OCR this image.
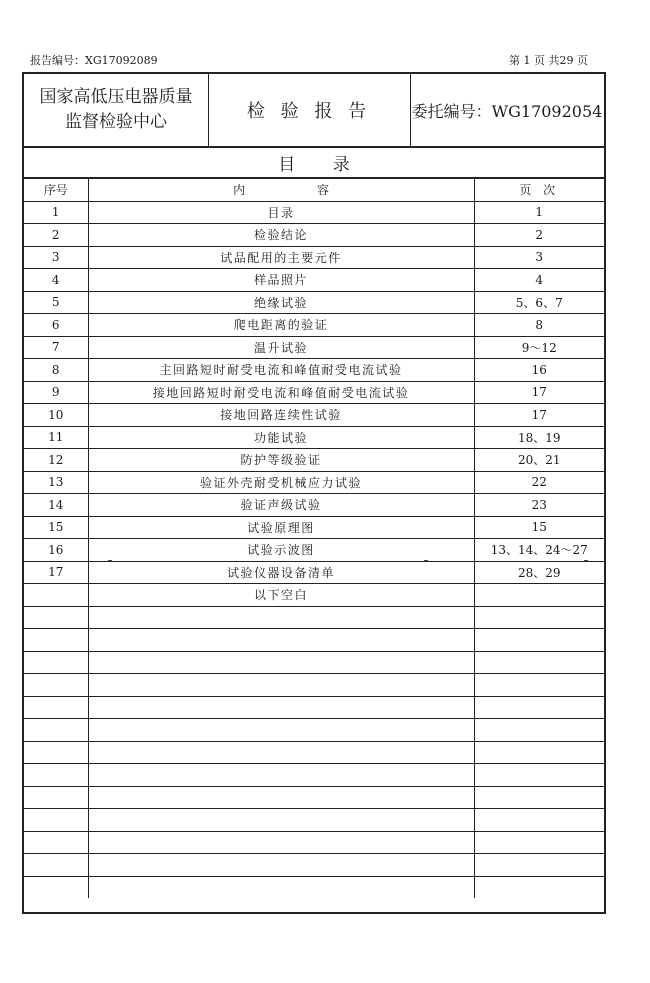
报告编号：XG17092089	第 1 页 共29 页
国家高低压电器质量
监督检验中心	检 验 报 告	委托编号：WG17092054
目 录
序号	内 容	页 次
1	目录	1
2	检验结论	2
3	试品配用的主要元件	3
4	样品照片	4
5	绝缘试验	5、6、7
6	爬电距离的验证	8
7	温升试验	9～12
8	主回路短时耐受电流和峰值耐受电流试验	16
9	接地回路短时耐受电流和峰值耐受电流试验	17
10	接地回路连续性试验	17
11	功能试验	18、19
12	防护等级验证	20、21
13	验证外壳耐受机械应力试验	22
14	验证声级试验	23
15	试验原理图	15
16	试验示波图	13、14、24～27
17	试验仪器设备清单	28、29
	以下空白	
